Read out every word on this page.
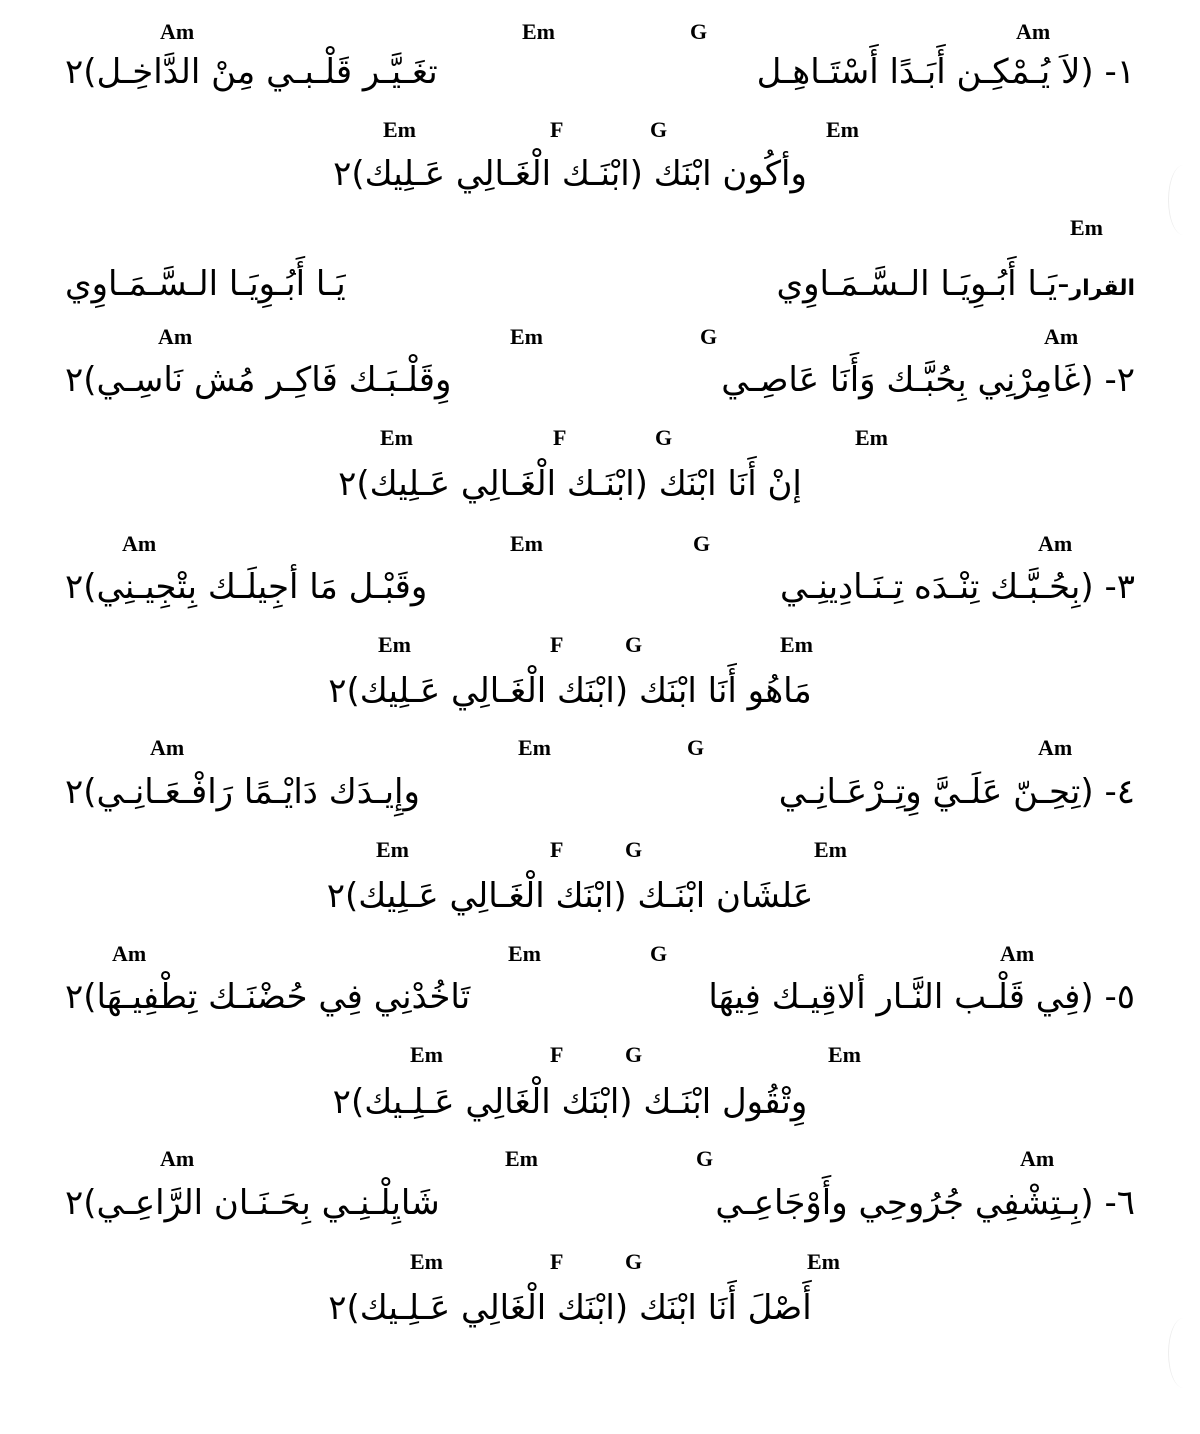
Am	Em	G	Am
١- (لاَ يُـمْكِـن أَبَـدًا أَسْتَـاهِـل
تغَـيَّـر قَلْـبـي مِنْ الدَّاخِـل)٢
Em	F	G	Em
وأكُون ابْنَك (ابْنَـك الْغَـالِي عَـلِيك)٢
Em
القرار-يَـا أَبُـوِيَـا الـسَّـمَـاوِي
يَـا أَبُـوِيَـا الـسَّـمَـاوِي
Am	Em	G	Am
٢- (غَامِرْنِي بِحُبَّـك وَأَنَا عَاصِـي
وِقَلْـبَـك فَاكِـر مُش نَاسِـي)٢
Em	F	G	Em
إنْ أَنَا ابْنَك (ابْنَـك الْغَـالِي عَـلِيك)٢
Am	Em	G	Am
٣- (بِحُـبَّـك تِنْـدَه تِـنَـادِينِـي
وقَبْـل مَا أجِيلَـك بِتْجِيـنِي)٢
Em	F	G	Em
مَاهُو أَنَا ابْنَك (ابْنَك الْغَـالِي عَـلِيك)٢
Am	Em	G	Am
٤- (تِحِـنّ عَلَـيَّ وِتِـرْعَـانِـي
وإِيـدَك دَايْـمًا رَافْـعَـانِـي)٢
Em	F	G	Em
عَلشَان ابْنَـك (ابْنَك الْغَـالِي عَـلِيك)٢
Am	Em	G	Am
٥- (فِي قَلْـب النَّـار ألاقِيـك فِيهَا
تَاخُدْنِي فِي حُضْنَـك تِطْفِيـهَا)٢
Em	F	G	Em
وِتْقُول ابْنَـك (ابْنَك الْغَالِي عَـلِـيك)٢
Am	Em	G	Am
٦- (بِـتِشْفِي جُرُوحِي وأَوْجَاعِـي
شَايِلْـنِـي بِحَـنَـان الرَّاعِـي)٢
Em	F	G	Em
أَصْلَ أَنَا ابْنَك (ابْنَك الْغَالِي عَـلِـيك)٢
